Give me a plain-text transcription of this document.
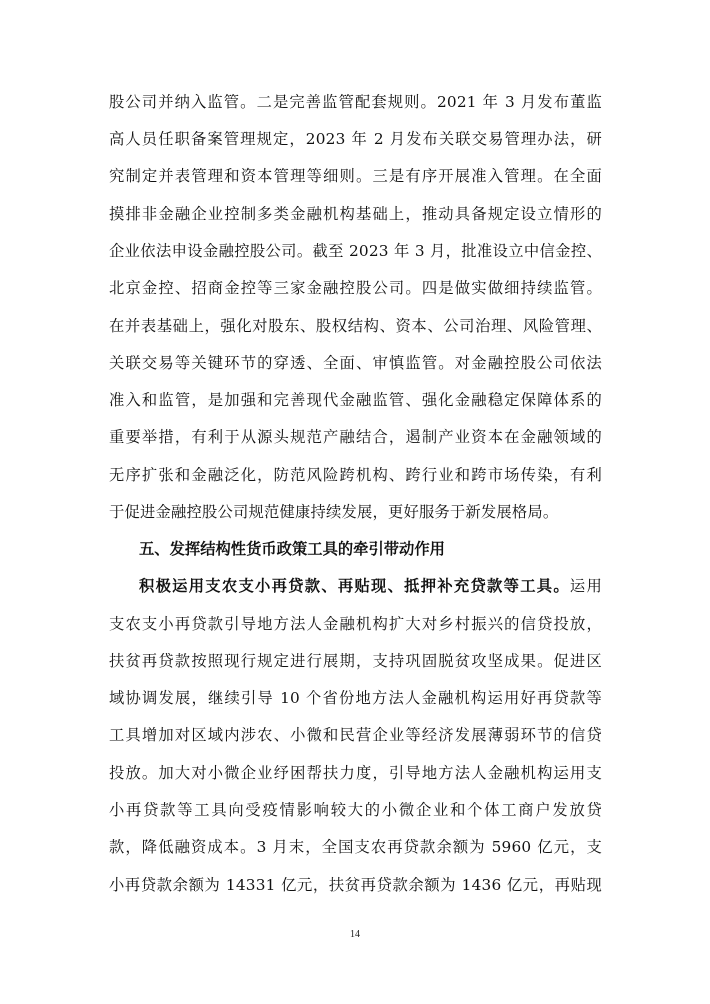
股公司并纳入监管。二是完善监管配套规则。2021 年 3 月发布董监
高人员任职备案管理规定，2023 年 2 月发布关联交易管理办法，研
究制定并表管理和资本管理等细则。三是有序开展准入管理。在全面
摸排非金融企业控制多类金融机构基础上，推动具备规定设立情形的
企业依法申设金融控股公司。截至 2023 年 3 月，批准设立中信金控、
北京金控、招商金控等三家金融控股公司。四是做实做细持续监管。
在并表基础上，强化对股东、股权结构、资本、公司治理、风险管理、
关联交易等关键环节的穿透、全面、审慎监管。对金融控股公司依法
准入和监管，是加强和完善现代金融监管、强化金融稳定保障体系的
重要举措，有利于从源头规范产融结合，遏制产业资本在金融领域的
无序扩张和金融泛化，防范风险跨机构、跨行业和跨市场传染，有利
于促进金融控股公司规范健康持续发展，更好服务于新发展格局。
五、发挥结构性货币政策工具的牵引带动作用
积极运用支农支小再贷款、再贴现、抵押补充贷款等工具。运用
支农支小再贷款引导地方法人金融机构扩大对乡村振兴的信贷投放，
扶贫再贷款按照现行规定进行展期，支持巩固脱贫攻坚成果。促进区
域协调发展，继续引导 10 个省份地方法人金融机构运用好再贷款等
工具增加对区域内涉农、小微和民营企业等经济发展薄弱环节的信贷
投放。加大对小微企业纾困帮扶力度，引导地方法人金融机构运用支
小再贷款等工具向受疫情影响较大的小微企业和个体工商户发放贷
款，降低融资成本。3 月末，全国支农再贷款余额为 5960 亿元，支
小再贷款余额为 14331 亿元，扶贫再贷款余额为 1436 亿元，再贴现
14
